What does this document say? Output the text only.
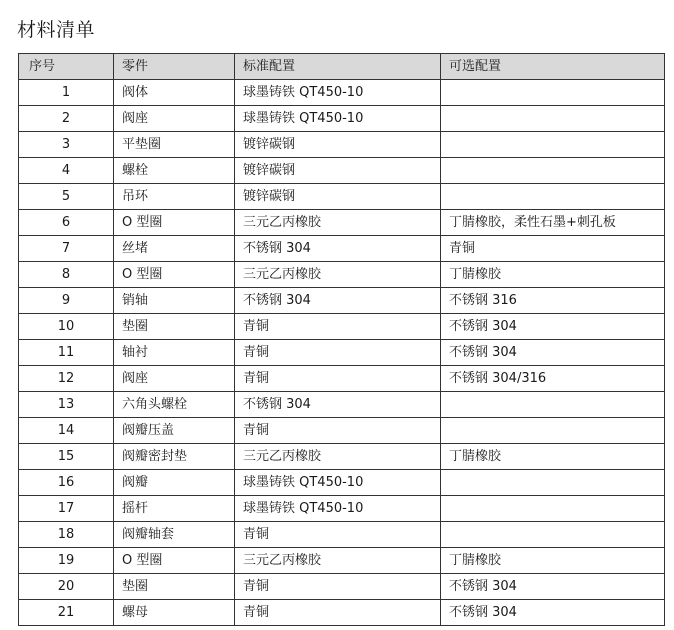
材料清单
序号	零件	标准配置	可选配置
1	阀体	球墨铸铁 QT450-10	
2	阀座	球墨铸铁 QT450-10	
3	平垫圈	镀锌碳钢	
4	螺栓	镀锌碳钢	
5	吊环	镀锌碳钢	
6	O 型圈	三元乙丙橡胶	丁腈橡胶，柔性石墨+刺孔板
7	丝堵	不锈钢 304	青铜
8	O 型圈	三元乙丙橡胶	丁腈橡胶
9	销轴	不锈钢 304	不锈钢 316
10	垫圈	青铜	不锈钢 304
11	轴衬	青铜	不锈钢 304
12	阀座	青铜	不锈钢 304/316
13	六角头螺栓	不锈钢 304	
14	阀瓣压盖	青铜	
15	阀瓣密封垫	三元乙丙橡胶	丁腈橡胶
16	阀瓣	球墨铸铁 QT450-10	
17	摇杆	球墨铸铁 QT450-10	
18	阀瓣轴套	青铜	
19	O 型圈	三元乙丙橡胶	丁腈橡胶
20	垫圈	青铜	不锈钢 304
21	螺母	青铜	不锈钢 304
